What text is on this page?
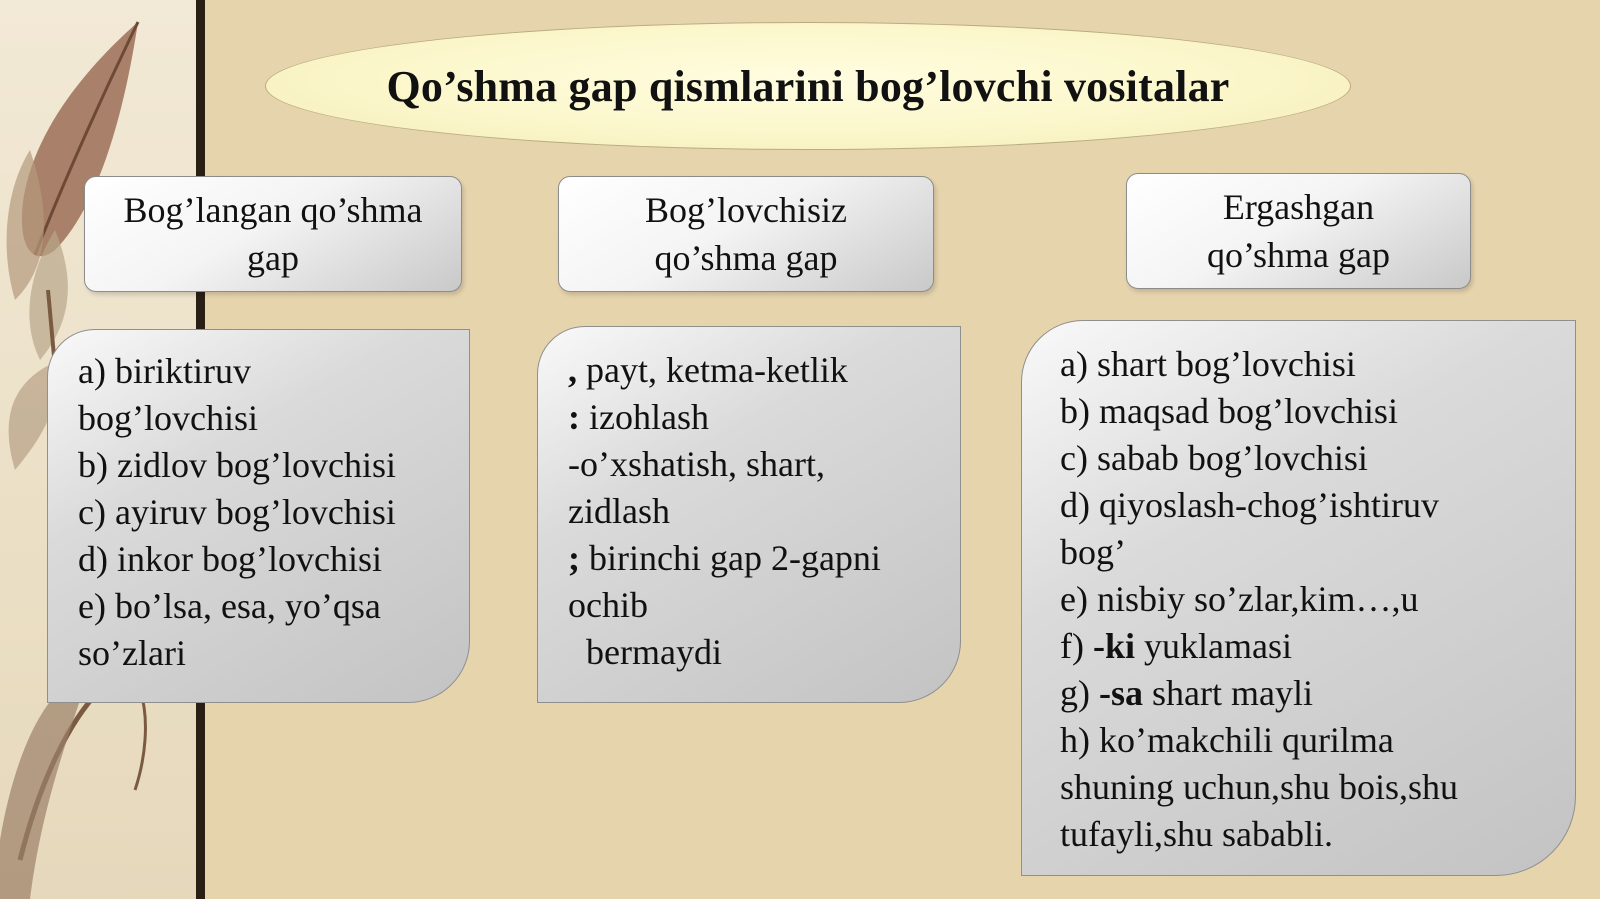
Qo’shma gap qismlarini bog’lovchi vositalar
Bog’langan qo’shma
gap
Bog’lovchisiz
qo’shma gap
Ergashgan
qo’shma gap
a) biriktiruv
bog’lovchisi
b) zidlov bog’lovchisi
c) ayiruv bog’lovchisi
d) inkor bog’lovchisi
e) bo’lsa, esa, yo’qsa
so’zlari
, payt, ketma-ketlik
: izohlash
-o’xshatish, shart,
zidlash
; birinchi gap 2-gapni
ochib
bermaydi
a) shart bog’lovchisi
b) maqsad bog’lovchisi
c) sabab bog’lovchisi
d) qiyoslash-chog’ishtiruv
bog’
e) nisbiy so’zlar,kim…,u
f) -ki yuklamasi
g) -sa shart mayli
h) ko’makchili qurilma
shuning uchun,shu bois,shu
tufayli,shu sababli.
